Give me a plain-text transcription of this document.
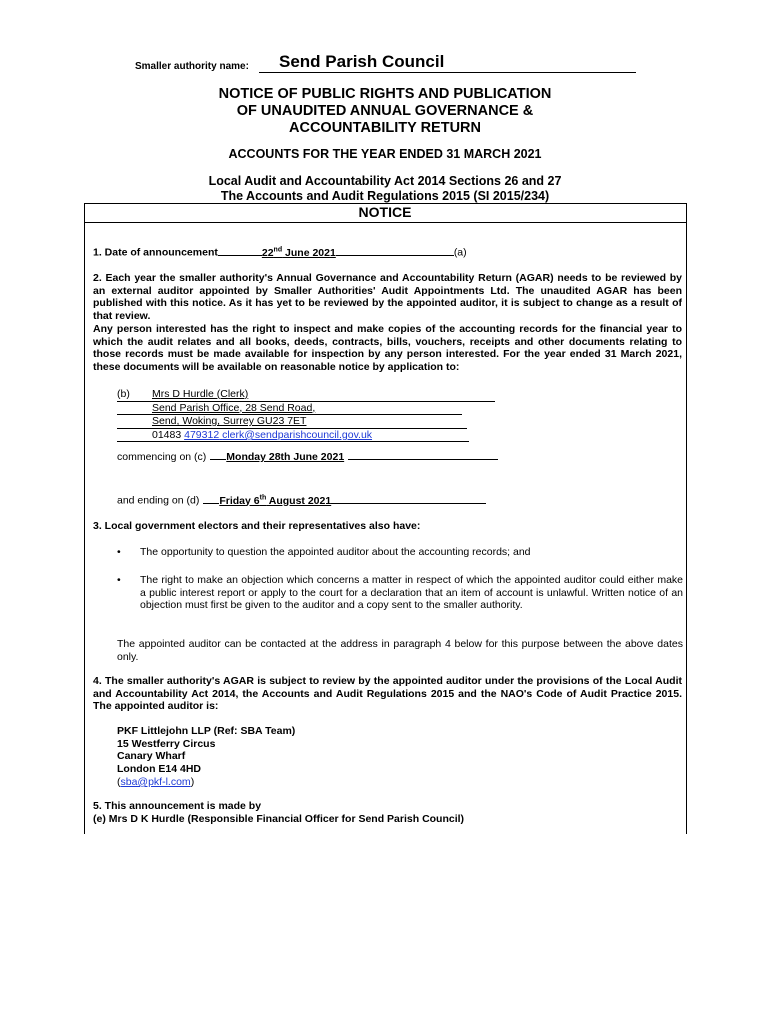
Smaller authority name: Send Parish Council
NOTICE OF PUBLIC RIGHTS AND PUBLICATION
OF UNAUDITED ANNUAL GOVERNANCE &
ACCOUNTABILITY RETURN
ACCOUNTS FOR THE YEAR ENDED 31 MARCH 2021
Local Audit and Accountability Act 2014 Sections 26 and 27
The Accounts and Audit Regulations 2015 (SI 2015/234)
NOTICE
1. Date of announcement	22nd June 2021	(a)
2. Each year the smaller authority's Annual Governance and Accountability Return (AGAR) needs to be reviewed by an external auditor appointed by Smaller Authorities' Audit Appointments Ltd. The unaudited AGAR has been published with this notice. As it has yet to be reviewed by the appointed auditor, it is subject to change as a result of that review.
Any person interested has the right to inspect and make copies of the accounting records for the financial year to which the audit relates and all books, deeds, contracts, bills, vouchers, receipts and other documents relating to those records must be made available for inspection by any person interested. For the year ended 31 March 2021, these documents will be available on reasonable notice by application to:
(b)	Mrs D Hurdle (Clerk)
Send Parish Office, 28 Send Road,
Send, Woking, Surrey GU23 7ET
01483 479312 clerk@sendparishcouncil.gov.uk
commencing on (c) Monday 28th June 2021
and ending on (d) Friday 6th August 2021
3. Local government electors and their representatives also have:
• The opportunity to question the appointed auditor about the accounting records; and
• The right to make an objection which concerns a matter in respect of which the appointed auditor could either make a public interest report or apply to the court for a declaration that an item of account is unlawful. Written notice of an objection must first be given to the auditor and a copy sent to the smaller authority.
The appointed auditor can be contacted at the address in paragraph 4 below for this purpose between the above dates only.
4. The smaller authority's AGAR is subject to review by the appointed auditor under the provisions of the Local Audit and Accountability Act 2014, the Accounts and Audit Regulations 2015 and the NAO's Code of Audit Practice 2015. The appointed auditor is:
PKF Littlejohn LLP (Ref: SBA Team)
15 Westferry Circus
Canary Wharf
London E14 4HD
(sba@pkf-l.com)
5. This announcement is made by
(e) Mrs D K Hurdle (Responsible Financial Officer for Send Parish Council)
